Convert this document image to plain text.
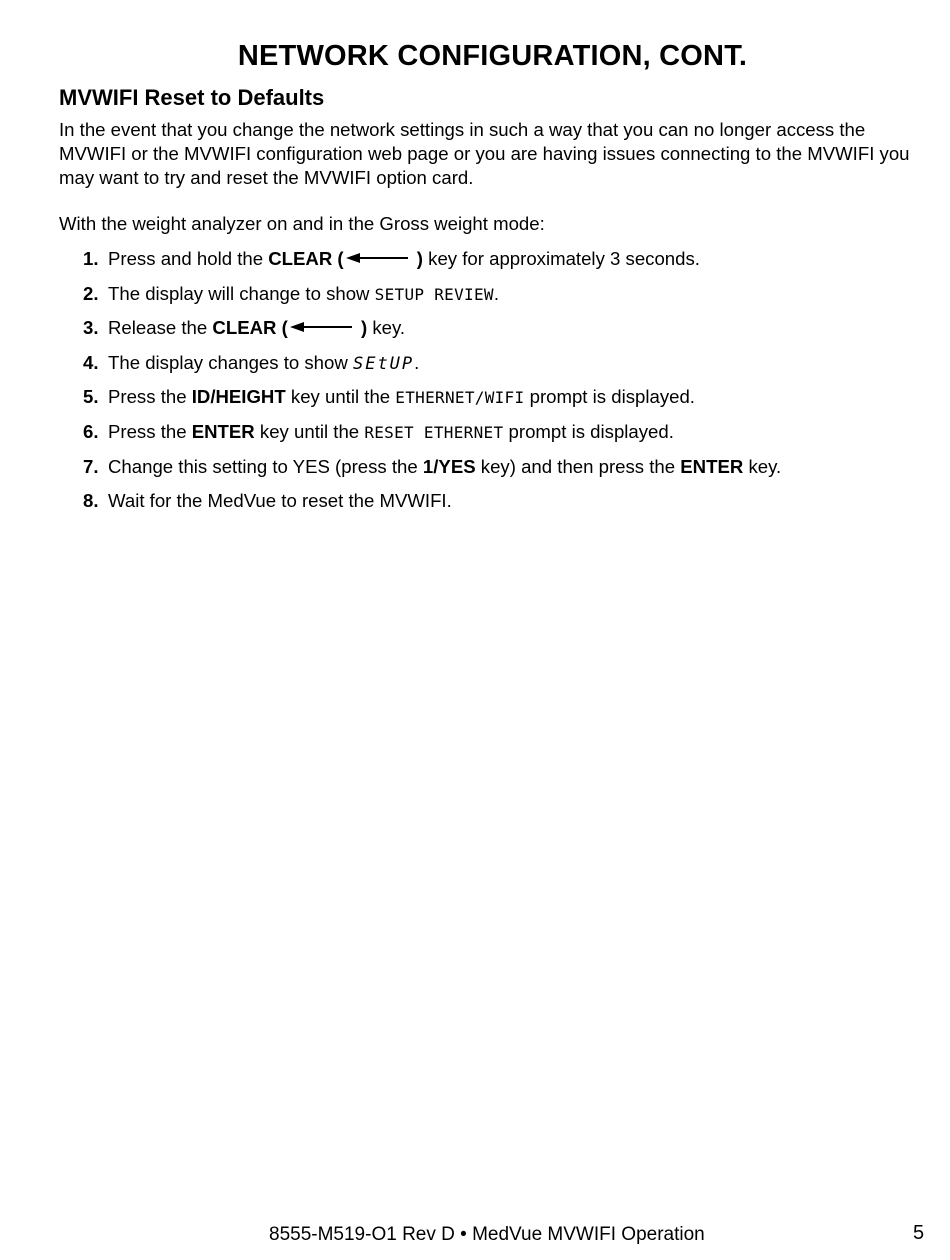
NETWORK CONFIGURATION, CONT.
MVWIFI Reset to Defaults

In the event that you change the network settings in such a way that you can no longer access the MVWIFI or the MVWIFI configuration web page or you are having issues connecting to the MVWIFI you may want to try and reset the MVWIFI option card.

With the weight analyzer on and in the Gross weight mode:

1. Press and hold the CLEAR (	) key for approximately 3 seconds.
2. The display will change to show SETUP REVIEW.
3. Release the CLEAR (	) key.
4. The display changes to show SEtUP.
5. Press the ID/HEIGHT key until the ETHERNET/WIFI prompt is displayed.
6. Press the ENTER key until the RESET ETHERNET prompt is displayed.
7. Change this setting to YES (press the 1/YES key) and then press the ENTER key.
8. Wait for the MedVue to reset the MVWIFI.

8555-M519-O1 Rev D • MedVue MVWIFI Operation	5
